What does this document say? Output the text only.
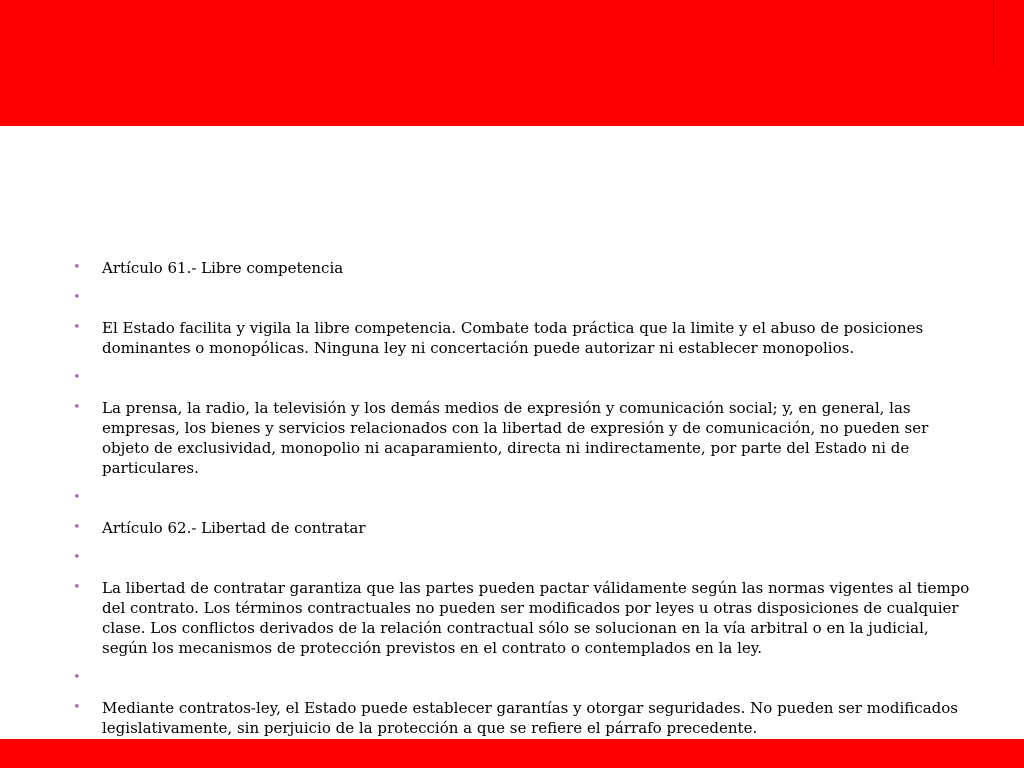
• Artículo 61.- Libre competencia
•
• El Estado facilita y vigila la libre competencia. Combate toda práctica que la limite y el abuso de posiciones dominantes o monopólicas. Ninguna ley ni concertación puede autorizar ni establecer monopolios.
•
• La prensa, la radio, la televisión y los demás medios de expresión y comunicación social; y, en general, las empresas, los bienes y servicios relacionados con la libertad de expresión y de comunicación, no pueden ser objeto de exclusividad, monopolio ni acaparamiento, directa ni indirectamente, por parte del Estado ni de particulares.
•
• Artículo 62.- Libertad de contratar
•
• La libertad de contratar garantiza que las partes pueden pactar válidamente según las normas vigentes al tiempo del contrato. Los términos contractuales no pueden ser modificados por leyes u otras disposiciones de cualquier clase. Los conflictos derivados de la relación contractual sólo se solucionan en la vía arbitral o en la judicial, según los mecanismos de protección previstos en el contrato o contemplados en la ley.
•
• Mediante contratos-ley, el Estado puede establecer garantías y otorgar seguridades. No pueden ser modificados legislativamente, sin perjuicio de la protección a que se refiere el párrafo precedente.
